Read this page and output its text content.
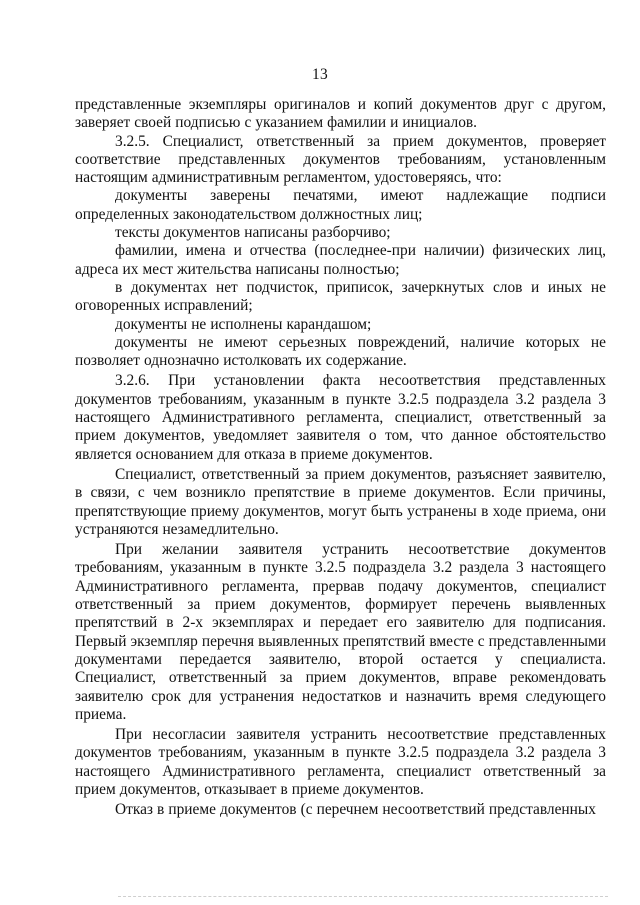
13

представленные экземпляры оригиналов и копий документов друг с другом, заверяет своей подписью с указанием фамилии и инициалов.

3.2.5. Специалист, ответственный за прием документов, проверяет соответствие представленных документов требованиям, установленным настоящим административным регламентом, удостоверяясь, что:

документы заверены печатями, имеют надлежащие подписи определенных законодательством должностных лиц;

тексты документов написаны разборчиво;

фамилии, имена и отчества (последнее-при наличии) физических лиц, адреса их мест жительства написаны полностью;

в документах нет подчисток, приписок, зачеркнутых слов и иных не оговоренных исправлений;

документы не исполнены карандашом;

документы не имеют серьезных повреждений, наличие которых не позволяет однозначно истолковать их содержание.

3.2.6. При установлении факта несоответствия представленных документов требованиям, указанным в пункте 3.2.5 подраздела 3.2 раздела 3 настоящего Административного регламента, специалист, ответственный за прием документов, уведомляет заявителя о том, что данное обстоятельство является основанием для отказа в приеме документов.

Специалист, ответственный за прием документов, разъясняет заявителю, в связи, с чем возникло препятствие в приеме документов. Если причины, препятствующие приему документов, могут быть устранены в ходе приема, они устраняются незамедлительно.

При желании заявителя устранить несоответствие документов требованиям, указанным в пункте 3.2.5 подраздела 3.2 раздела 3 настоящего Административного регламента, прервав подачу документов, специалист ответственный за прием документов, формирует перечень выявленных препятствий в 2-х экземплярах и передает его заявителю для подписания. Первый экземпляр перечня выявленных препятствий вместе с представленными документами передается заявителю, второй остается у специалиста. Специалист, ответственный за прием документов, вправе рекомендовать заявителю срок для устранения недостатков и назначить время следующего приема.

При несогласии заявителя устранить несоответствие представленных документов требованиям, указанным в пункте 3.2.5 подраздела 3.2 раздела 3 настоящего Административного регламента, специалист ответственный за прием документов, отказывает в приеме документов.

Отказ в приеме документов (с перечнем несоответствий представленных
